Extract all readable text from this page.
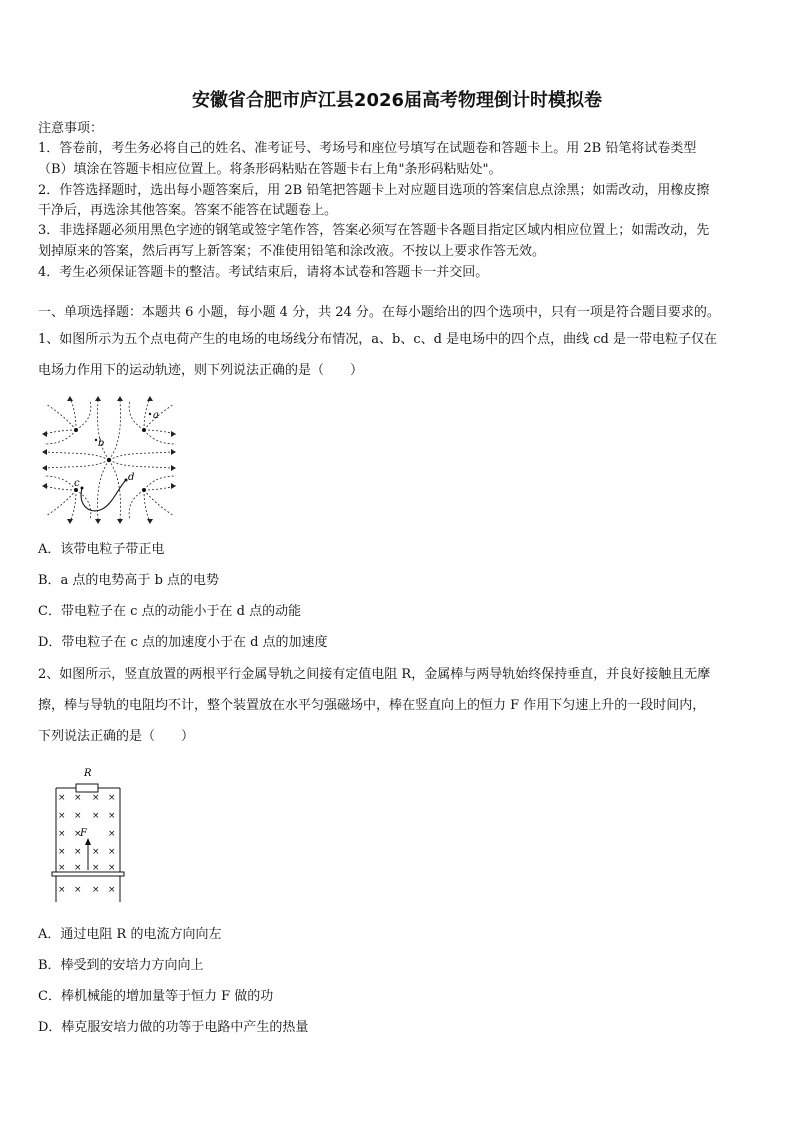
安徽省合肥市庐江县2026届高考物理倒计时模拟卷
注意事项：
1．答卷前，考生务必将自己的姓名、准考证号、考场号和座位号填写在试题卷和答题卡上。用 2B 铅笔将试卷类型
（B）填涂在答题卡相应位置上。将条形码粘贴在答题卡右上角"条形码粘贴处"。
2．作答选择题时，选出每小题答案后，用 2B 铅笔把答题卡上对应题目选项的答案信息点涂黑；如需改动，用橡皮擦
干净后，再选涂其他答案。答案不能答在试题卷上。
3．非选择题必须用黑色字迹的钢笔或签字笔作答，答案必须写在答题卡各题目指定区域内相应位置上；如需改动，先
划掉原来的答案，然后再写上新答案；不准使用铅笔和涂改液。不按以上要求作答无效。
4．考生必须保证答题卡的整洁。考试结束后，请将本试卷和答题卡一并交回。
一、单项选择题：本题共 6 小题，每小题 4 分，共 24 分。在每小题给出的四个选项中，只有一项是符合题目要求的。
1、如图所示为五个点电荷产生的电场的电场线分布情况，a、b、c、d 是电场中的四个点，曲线 cd 是一带电粒子仅在
电场力作用下的运动轨迹，则下列说法正确的是（　　）
a
b
c
d
A．该带电粒子带正电
B．a 点的电势高于 b 点的电势
C．带电粒子在 c 点的动能小于在 d 点的动能
D．带电粒子在 c 点的加速度小于在 d 点的加速度
2、如图所示，竖直放置的两根平行金属导轨之间接有定值电阻 R，金属棒与两导轨始终保持垂直，并良好接触且无摩
擦，棒与导轨的电阻均不计，整个装置放在水平匀强磁场中，棒在竖直向上的恒力 F 作用下匀速上升的一段时间内，
下列说法正确的是（　　）
R
F
× × × ×
× × × ×
× ×	×
× × × ×
× × × ×
× × × ×
A．通过电阻 R 的电流方向向左
B．棒受到的安培力方向向上
C．棒机械能的增加量等于恒力 F 做的功
D．棒克服安培力做的功等于电路中产生的热量
